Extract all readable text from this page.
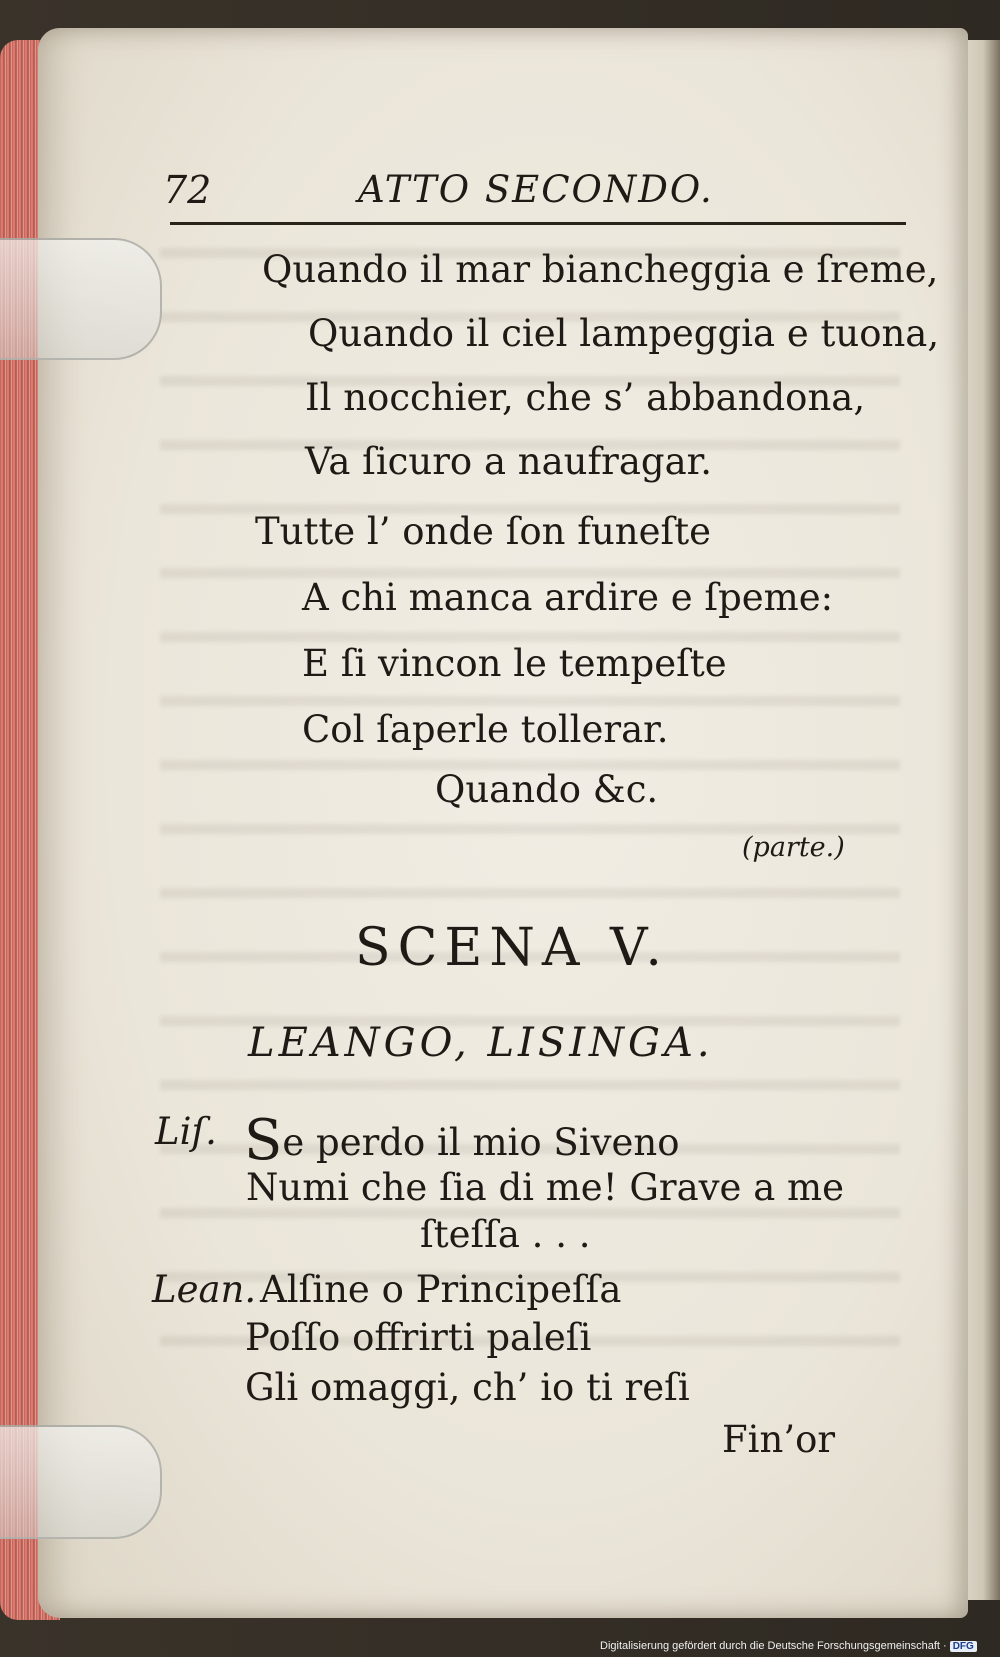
72	ATTO SECONDO.
Quando il mar biancheggia e ſreme,
Quando il ciel lampeggia e tuona,
Il nocchier, che s’ abbandona,
Va ſicuro a naufragar.
Tutte l’ onde ſon funeſte
A chi manca ardire e ſpeme:
E ſi vincon le tempeſte
Col ſaperle tollerar.
Quando &c.
(parte.)
SCENA V.
LEANGO, LISINGA.
Liſ. Se perdo il mio Siveno
Numi che ſia di me! Grave a me
ſteſſa . . .
Lean. Alſine o Principeſſa
Poſſo offrirti paleſi
Gli omaggi, ch’ io ti reſi
Fin’or
Digitalisierung gefördert durch die Deutsche Forschungsgemeinschaft · DFG
